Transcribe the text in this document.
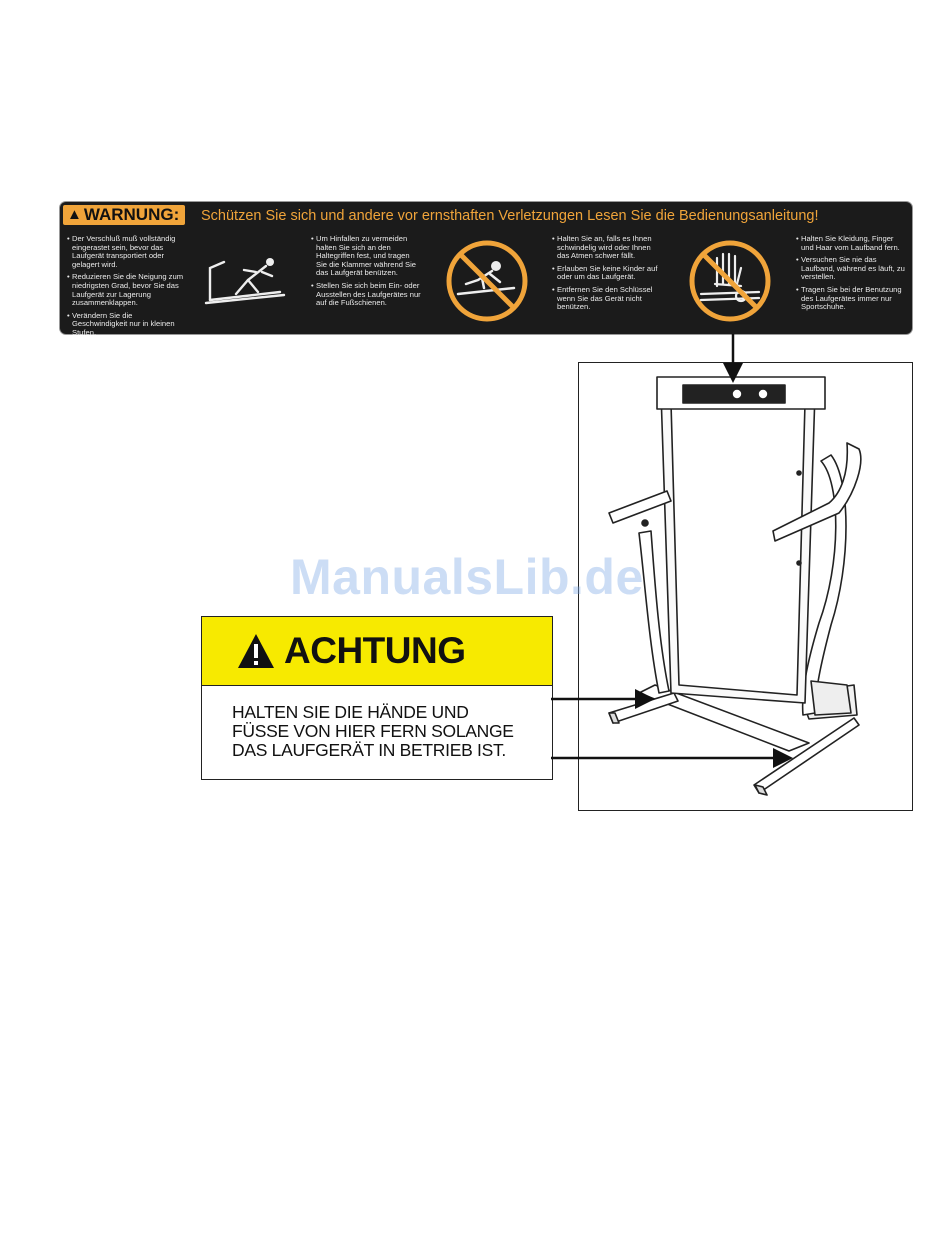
▲ WARNUNG: Schützen Sie sich und andere vor ernsthaften Verletzungen Lesen Sie die Bedienungsanleitung!

• Der Verschluß muß vollständig eingerastet sein, bevor das Laufgerät transportiert oder gelagert wird.

• Reduzieren Sie die Neigung zum niedrigsten Grad, bevor Sie das Laufgerät zur Lagerung zusammenklappen.

• Verändern Sie die Geschwindigkeit nur in kleinen Stufen.

• Um Hinfallen zu vermeiden halten Sie sich an den Haltegriffen fest, und tragen Sie die Klammer während Sie das Laufgerät benützen.

• Stellen Sie sich beim Ein- oder Ausstellen des Laufgerätes nur auf die Fußschienen.

• Halten Sie an, falls es Ihnen schwindelig wird oder Ihnen das Atmen schwer fällt.

• Erlauben Sie keine Kinder auf oder um das Laufgerät.

• Entfernen Sie den Schlüssel wenn Sie das Gerät nicht benützen.

• Halten Sie Kleidung, Finger und Haar vom Laufband fern.

• Versuchen Sie nie das Laufband, während es läuft, zu verstellen.

• Tragen Sie bei der Benutzung des Laufgerätes immer nur Sportschuhe.

ACHTUNG
HALTEN SIE DIE HÄNDE UND
FÜSSE VON HIER FERN SOLANGE
DAS LAUFGERÄT IN BETRIEB IST.
ManualsLib.de
